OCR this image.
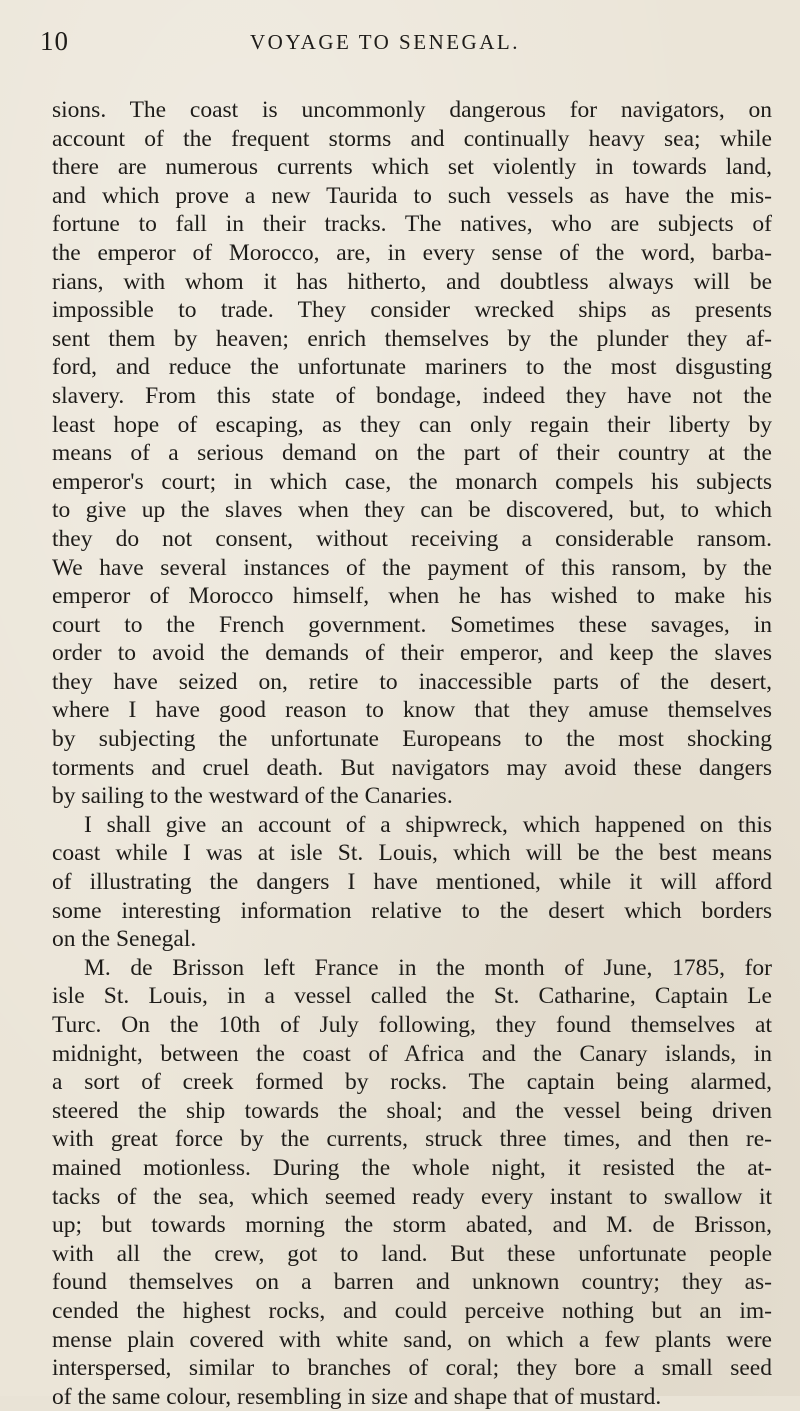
10	VOYAGE TO SENEGAL.
sions. The coast is uncommonly dangerous for navigators, on
account of the frequent storms and continually heavy sea; while
there are numerous currents which set violently in towards land,
and which prove a new Taurida to such vessels as have the mis-
fortune to fall in their tracks. The natives, who are subjects of
the emperor of Morocco, are, in every sense of the word, barba-
rians, with whom it has hitherto, and doubtless always will be
impossible to trade. They consider wrecked ships as presents
sent them by heaven; enrich themselves by the plunder they af-
ford, and reduce the unfortunate mariners to the most disgusting
slavery. From this state of bondage, indeed they have not the
least hope of escaping, as they can only regain their liberty by
means of a serious demand on the part of their country at the
emperor's court; in which case, the monarch compels his subjects
to give up the slaves when they can be discovered, but, to which
they do not consent, without receiving a considerable ransom.
We have several instances of the payment of this ransom, by the
emperor of Morocco himself, when he has wished to make his
court to the French government. Sometimes these savages, in
order to avoid the demands of their emperor, and keep the slaves
they have seized on, retire to inaccessible parts of the desert,
where I have good reason to know that they amuse themselves
by subjecting the unfortunate Europeans to the most shocking
torments and cruel death. But navigators may avoid these dangers
by sailing to the westward of the Canaries.
I shall give an account of a shipwreck, which happened on this
coast while I was at isle St. Louis, which will be the best means
of illustrating the dangers I have mentioned, while it will afford
some interesting information relative to the desert which borders
on the Senegal.
M. de Brisson left France in the month of June, 1785, for
isle St. Louis, in a vessel called the St. Catharine, Captain Le
Turc. On the 10th of July following, they found themselves at
midnight, between the coast of Africa and the Canary islands, in
a sort of creek formed by rocks. The captain being alarmed,
steered the ship towards the shoal; and the vessel being driven
with great force by the currents, struck three times, and then re-
mained motionless. During the whole night, it resisted the at-
tacks of the sea, which seemed ready every instant to swallow it
up; but towards morning the storm abated, and M. de Brisson,
with all the crew, got to land. But these unfortunate people
found themselves on a barren and unknown country; they as-
cended the highest rocks, and could perceive nothing but an im-
mense plain covered with white sand, on which a few plants were
interspersed, similar to branches of coral; they bore a small seed
of the same colour, resembling in size and shape that of mustard.
